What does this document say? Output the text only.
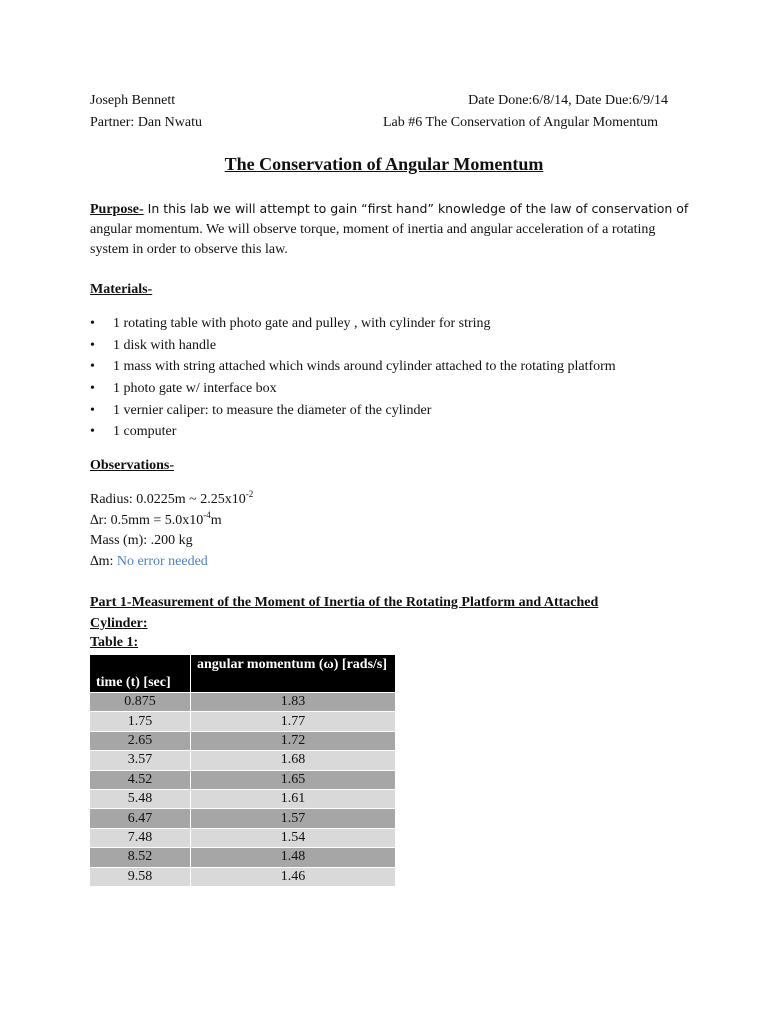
Joseph Bennett	Date Done:6/8/14, Date Due:6/9/14
Partner: Dan Nwatu	Lab #6 The Conservation of Angular Momentum
The Conservation of Angular Momentum
Purpose- In this lab we will attempt to gain “first hand” knowledge of the law of conservation of
angular momentum. We will observe torque, moment of inertia and angular acceleration of a rotating system in order to observe this law.
Materials-
• 1 rotating table with photo gate and pulley , with cylinder for string
• 1 disk with handle
• 1 mass with string attached which winds around cylinder attached to the rotating platform
• 1 photo gate w/ interface box
• 1 vernier caliper: to measure the diameter of the cylinder
• 1 computer
Observations-
Radius: 0.0225m ~ $2.25x10^{-2}$
∆r: $0.5mm = 5.0x10^{-4}m$
Mass (m): .200 kg
∆m: No error needed
Part 1-Measurement of the Moment of Inertia of the Rotating Platform and Attached Cylinder:
Table 1:
time (t) [sec]	angular momentum (ω) [rads/s]
0.875	1.83
1.75	1.77
2.65	1.72
3.57	1.68
4.52	1.65
5.48	1.61
6.47	1.57
7.48	1.54
8.52	1.48
9.58	1.46
